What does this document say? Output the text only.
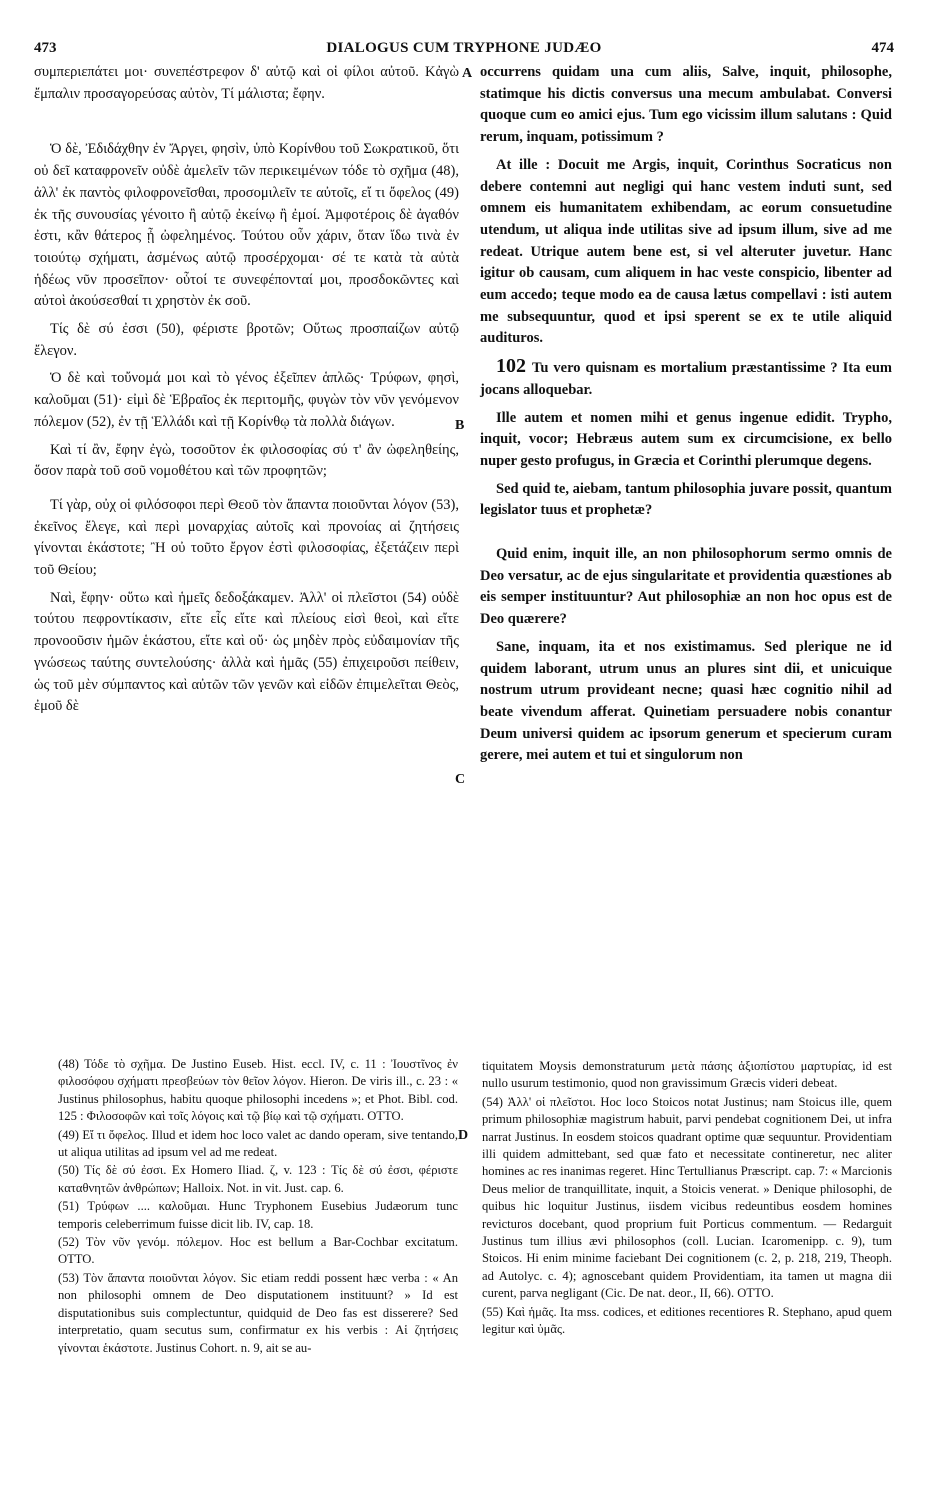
473	DIALOGUS CUM TRYPHONE JUDÆO	474

συμπεριεπάτει μοι· συνεπέστρεφον δ' αὐτῷ καὶ οἱ φίλοι αὐτοῦ. Κἀγὼ ἔμπαλιν προσαγορεύσας αὐτὸν, Τί μάλιστα; ἔφην.

Ὁ δὲ, Ἐδιδάχθην ἐν Ἄργει, φησὶν, ὑπὸ Κορίνθου τοῦ Σωκρατικοῦ, ὅτι οὐ δεῖ καταφρονεῖν οὐδὲ ἀμελεῖν τῶν περικειμένων τόδε τὸ σχῆμα (48), ἀλλ' ἐκ παντὸς φιλοφρονεῖσθαι, προσομιλεῖν τε αὐτοῖς, εἴ τι ὄφελος (49) ἐκ τῆς συνουσίας γένοιτο ἢ αὐτῷ ἐκείνῳ ἢ ἐμοί. Ἀμφοτέροις δὲ ἀγαθόν ἐστι, κἂν θάτερος ᾖ ὠφελημένος. Τούτου οὖν χάριν, ὅταν ἴδω τινὰ ἐν τοιούτῳ σχήματι, ἀσμένως αὐτῷ προσέρχομαι· σέ τε κατὰ τὰ αὐτὰ ἡδέως νῦν προσεῖπον· οὗτοί τε συνεφέπονταί μοι, προσδοκῶντες καὶ αὐτοὶ ἀκούσεσθαί τι χρηστὸν ἐκ σοῦ.

Τίς δὲ σύ ἐσσι (50), φέριστε βροτῶν; Οὕτως προσπαίζων αὐτῷ ἔλεγον.

Ὁ δὲ καὶ τοὔνομά μοι καὶ τὸ γένος ἐξεῖπεν ἁπλῶς· Τρύφων, φησὶ, καλοῦμαι (51)· εἰμὶ δὲ Ἑβραῖος ἐκ περιτομῆς, φυγὼν τὸν νῦν γενόμενον πόλεμον (52), ἐν τῇ Ἑλλάδι καὶ τῇ Κορίνθῳ τὰ πολλὰ διάγων.

Καὶ τί ἂν, ἔφην ἐγὼ, τοσοῦτον ἐκ φιλοσοφίας σύ τ' ἂν ὠφεληθείης, ὅσον παρὰ τοῦ σοῦ νομοθέτου καὶ τῶν προφητῶν;

Τί γὰρ, οὐχ οἱ φιλόσοφοι περὶ Θεοῦ τὸν ἅπαντα ποιοῦνται λόγον (53), ἐκεῖνος ἔλεγε, καὶ περὶ μοναρχίας αὐτοῖς καὶ προνοίας αἱ ζητήσεις γίνονται ἑκάστοτε; Ἢ οὐ τοῦτο ἔργον ἐστὶ φιλοσοφίας, ἐξετάζειν περὶ τοῦ Θείου;

Ναὶ, ἔφην· οὕτω καὶ ἡμεῖς δεδοξάκαμεν. Ἀλλ' οἱ πλεῖστοι (54) οὐδὲ τούτου πεφροντίκασιν, εἴτε εἷς εἴτε καὶ πλείους εἰσὶ θεοὶ, καὶ εἴτε προνοοῦσιν ἡμῶν ἑκάστου, εἴτε καὶ οὔ· ὡς μηδὲν πρὸς εὐδαιμονίαν τῆς γνώσεως ταύτης συντελούσης· ἀλλὰ καὶ ἡμᾶς (55) ἐπιχειροῦσι πείθειν, ὡς τοῦ μὲν σύμπαντος καὶ αὐτῶν τῶν γενῶν καὶ εἰδῶν ἐπιμελεῖται Θεὸς, ἐμοῦ δὲ

A
B
C
D

occurrens quidam una cum aliis, Salve, inquit, philosophe, statimque his dictis conversus una mecum ambulabat. Conversi quoque cum eo amici ejus. Tum ego vicissim illum salutans : Quid rerum, inquam, potissimum ?

At ille : Docuit me Argis, inquit, Corinthus Socraticus non debere contemni aut negligi qui hanc vestem induti sunt, sed omnem eis humanitatem exhibendam, ac eorum consuetudine utendum, ut aliqua inde utilitas sive ad ipsum illum, sive ad me redeat. Utrique autem bene est, si vel alteruter juvetur. Hanc igitur ob causam, cum aliquem in hac veste conspicio, libenter ad eum accedo; teque modo ea de causa lætus compellavi : isti autem me subsequuntur, quod et ipsi sperent se ex te utile aliquid audituros.

102 Tu vero quisnam es mortalium præstantissime ? Ita eum jocans alloquebar.

Ille autem et nomen mihi et genus ingenue edidit. Trypho, inquit, vocor; Hebræus autem sum ex circumcisione, ex bello nuper gesto profugus, in Græcia et Corinthi plerumque degens.

Sed quid te, aiebam, tantum philosophia juvare possit, quantum legislator tuus et prophetæ?

Quid enim, inquit ille, an non philosophorum sermo omnis de Deo versatur, ac de ejus singularitate et providentia quæstiones ab eis semper instituuntur? Aut philosophiæ an non hoc opus est de Deo quærere?

Sane, inquam, ita et nos existimamus. Sed plerique ne id quidem laborant, utrum unus an plures sint dii, et unicuique nostrum utrum provideant necne; quasi hæc cognitio nihil ad beate vivendum afferat. Quinetiam persuadere nobis conantur Deum universi quidem ac ipsorum generum et specierum curam gerere, mei autem et tui et singulorum non

(48) Τόδε τὸ σχῆμα. De Justino Euseb. Hist. eccl. IV, c. 11 : Ἰουστῖνος ἐν φιλοσόφου σχήματι πρεσβεύων τὸν θεῖον λόγον. Hieron. De viris ill., c. 23 : « Justinus philosophus, habitu quoque philosophi incedens »; et Phot. Bibl. cod. 125 : Φιλοσοφῶν καὶ τοῖς λόγοις καὶ τῷ βίῳ καὶ τῷ σχήματι. OTTO.

(49) Εἴ τι ὄφελος. Illud et idem hoc loco valet ac dando operam, sive tentando, ut aliqua utilitas ad ipsum vel ad me redeat.

(50) Τίς δὲ σύ ἐσσι. Ex Homero Iliad. ζ, v. 123 : Τίς δὲ σύ ἐσσι, φέριστε καταθνητῶν ἀνθρώπων; Halloix. Not. in vit. Just. cap. 6.

(51) Τρύφων .... καλοῦμαι. Hunc Tryphonem Eusebius Judæorum tunc temporis celeberrimum fuisse dicit lib. IV, cap. 18.

(52) Τὸν νῦν γενόμ. πόλεμον. Hoc est bellum a Bar-Cochbar excitatum. OTTO.

(53) Τὸν ἅπαντα ποιοῦνται λόγον. Sic etiam reddi possent hæc verba : « An non philosophi omnem de Deo disputationem instituunt? » Id est disputationibus suis complectuntur, quidquid de Deo fas est disserere? Sed interpretatio, quam secutus sum, confirmatur ex his verbis : Αἱ ζητήσεις γίνονται ἑκάστοτε. Justinus Cohort. n. 9, ait se au-

tiquitatem Moysis demonstraturum μετὰ πάσης ἀξιοπίστου μαρτυρίας, id est nullo usurum testimonio, quod non gravissimum Græcis videri debeat.

(54) Ἀλλ' οἱ πλεῖστοι. Hoc loco Stoicos notat Justinus; nam Stoicus ille, quem primum philosophiæ magistrum habuit, parvi pendebat cognitionem Dei, ut infra narrat Justinus. In eosdem stoicos quadrant optime quæ sequuntur. Providentiam illi quidem admittebant, sed quæ fato et necessitate contineretur, nec aliter homines ac res inanimas regeret. Hinc Tertullianus Præscript. cap. 7: « Marcionis Deus melior de tranquillitate, inquit, a Stoicis venerat. » Denique philosophi, de quibus hic loquitur Justinus, iisdem vicibus redeuntibus eosdem homines revicturos docebant, quod proprium fuit Porticus commentum. — Redarguit Justinus tum illius ævi philosophos (coll. Lucian. Icaromenipp. c. 9), tum Stoicos. Hi enim minime faciebant Dei cognitionem (c. 2, p. 218, 219, Theoph. ad Autolyc. c. 4); agnoscebant quidem Providentiam, ita tamen ut magna dii curent, parva negligant (Cic. De nat. deor., II, 66). OTTO.

(55) Καὶ ἡμᾶς. Ita mss. codices, et editiones recentiores R. Stephano, apud quem legitur καὶ ὑμᾶς.
